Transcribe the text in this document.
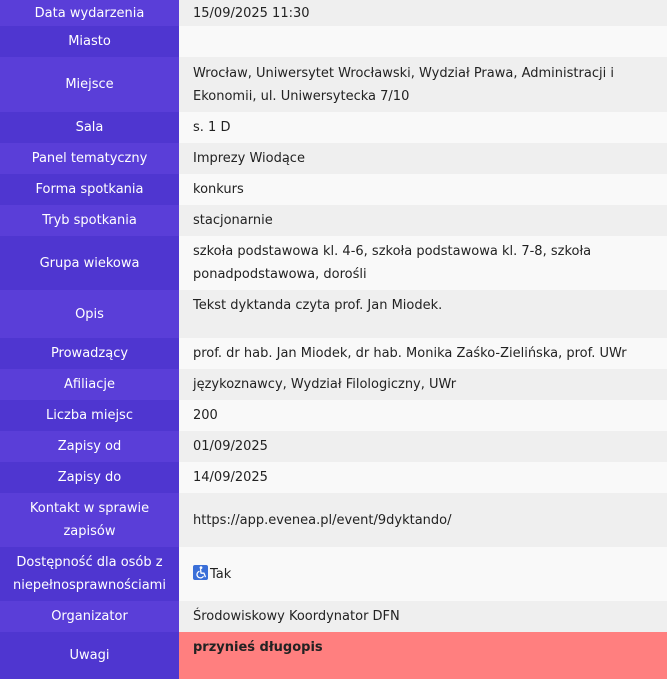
Data wydarzenia	15/09/2025 11:30
Miasto	
Miejsce	Wrocław, Uniwersytet Wrocławski, Wydział Prawa, Administracji i Ekonomii, ul. Uniwersytecka 7/10
Sala	s. 1 D
Panel tematyczny	Imprezy Wiodące
Forma spotkania	konkurs
Tryb spotkania	stacjonarnie
Grupa wiekowa	szkoła podstawowa kl. 4-6, szkoła podstawowa kl. 7-8, szkoła ponadpodstawowa, dorośli
Opis	Tekst dyktanda czyta prof. Jan Miodek.
Prowadzący	prof. dr hab. Jan Miodek, dr hab. Monika Zaśko-Zielińska, prof. UWr
Afiliacje	językoznawcy, Wydział Filologiczny, UWr
Liczba miejsc	200
Zapisy od	01/09/2025
Zapisy do	14/09/2025
Kontakt w sprawie zapisów	https://app.evenea.pl/event/9dyktando/
Dostępność dla osób z niepełnosprawnościami	Tak
Organizator	Środowiskowy Koordynator DFN
Uwagi	przynieś długopis
